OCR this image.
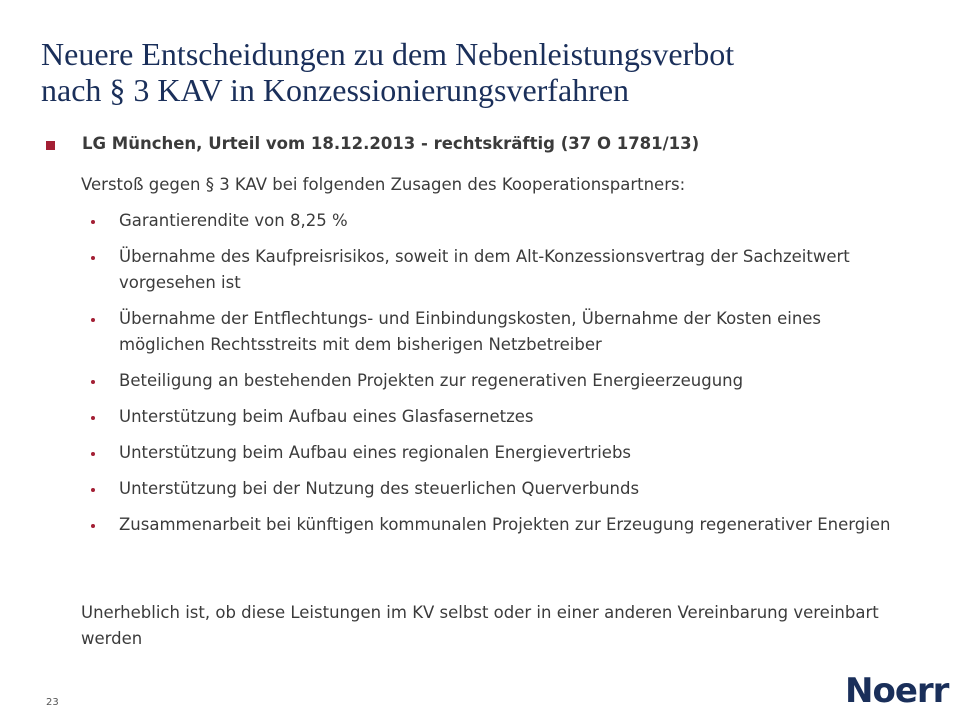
Neuere Entscheidungen zu dem Nebenleistungsverbot
nach § 3 KAV in Konzessionierungsverfahren
LG München, Urteil vom 18.12.2013 - rechtskräftig (37 O 1781/13)
Verstoß gegen § 3 KAV bei folgenden Zusagen des Kooperationspartners:
Garantierendite von 8,25 %
Übernahme des Kaufpreisrisikos, soweit in dem Alt-Konzessionsvertrag der Sachzeitwert vorgesehen ist
Übernahme der Entflechtungs- und Einbindungskosten, Übernahme der Kosten eines möglichen Rechtsstreits mit dem bisherigen Netzbetreiber
Beteiligung an bestehenden Projekten zur regenerativen Energieerzeugung
Unterstützung beim Aufbau eines Glasfasernetzes
Unterstützung beim Aufbau eines regionalen Energievertriebs
Unterstützung bei der Nutzung des steuerlichen Querverbunds
Zusammenarbeit bei künftigen kommunalen Projekten zur Erzeugung regenerativer Energien
Unerheblich ist, ob diese Leistungen im KV selbst oder in einer anderen Vereinbarung vereinbart werden
23	Noerr
